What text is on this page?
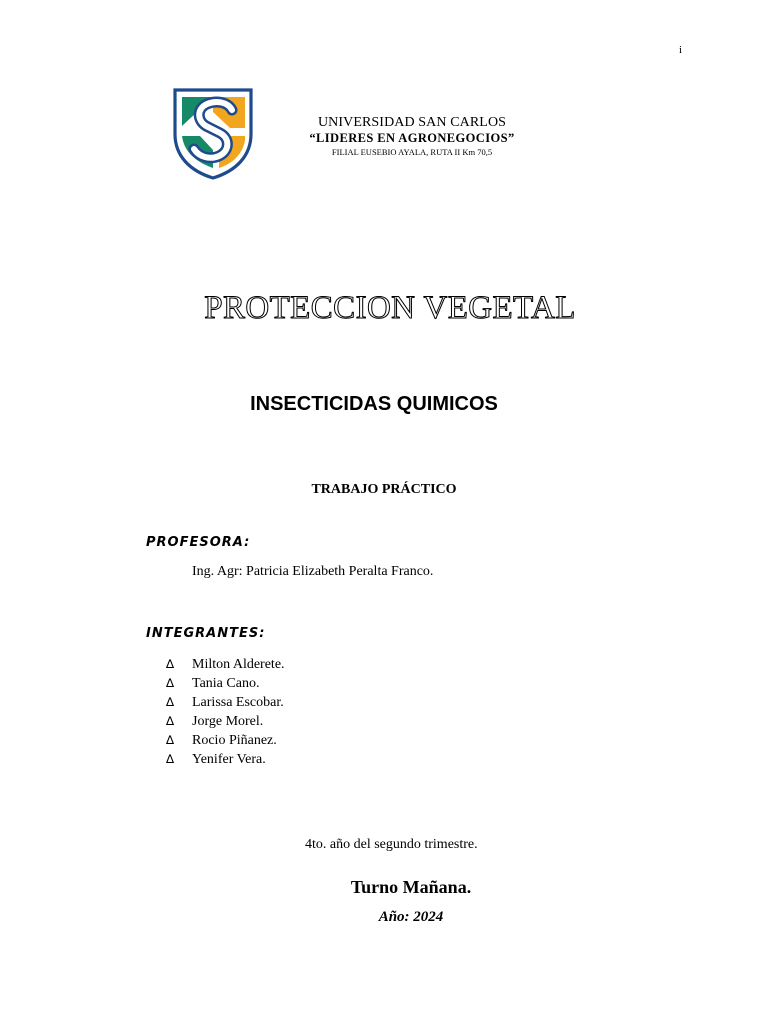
i
UNIVERSIDAD SAN CARLOS
“LIDERES EN AGRONEGOCIOS”
FILIAL EUSEBIO AYALA, RUTA II Km 70,5
PROTECCION VEGETAL
INSECTICIDAS QUIMICOS
TRABAJO PRÁCTICO
PROFESORA:
Ing. Agr: Patricia Elizabeth Peralta Franco.
INTEGRANTES:
∆ Milton Alderete.
∆ Tania Cano.
∆ Larissa Escobar.
∆ Jorge Morel.
∆ Rocio Piñanez.
∆ Yenifer Vera.
4to. año del segundo trimestre.
Turno Mañana.
Año: 2024
